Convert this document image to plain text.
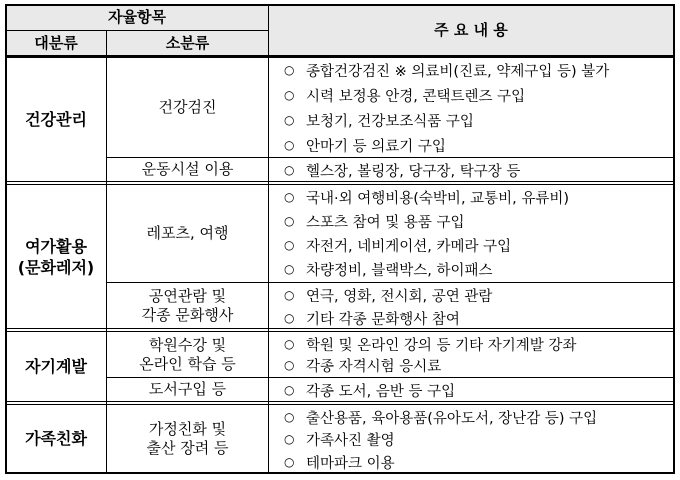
자율항목
대분류	소분류
주 요 내 용
건강관리
건강검진
운동시설 이용
○ 종합건강검진 ※ 의료비(진료, 약제구입 등) 불가
○ 시력 보정용 안경, 콘택트렌즈 구입
○ 보청기, 건강보조식품 구입
○ 안마기 등 의료기 구입
○ 헬스장, 볼링장, 당구장, 탁구장 등
여가활용
(문화레저)
레포츠, 여행
공연관람 및
각종 문화행사
○ 국내·외 여행비용(숙박비, 교통비, 유류비)
○ 스포츠 참여 및 용품 구입
○ 자전거, 네비게이션, 카메라 구입
○ 차량정비, 블랙박스, 하이패스
○ 연극, 영화, 전시회, 공연 관람
○ 기타 각종 문화행사 참여
자기계발
학원수강 및
온라인 학습 등
도서구입 등
○ 학원 및 온라인 강의 등 기타 자기계발 강좌
○ 각종 자격시험 응시료
○ 각종 도서, 음반 등 구입
가족친화
가정친화 및
출산 장려 등
○ 출산용품, 육아용품(유아도서, 장난감 등) 구입
○ 가족사진 촬영
○ 테마파크 이용
